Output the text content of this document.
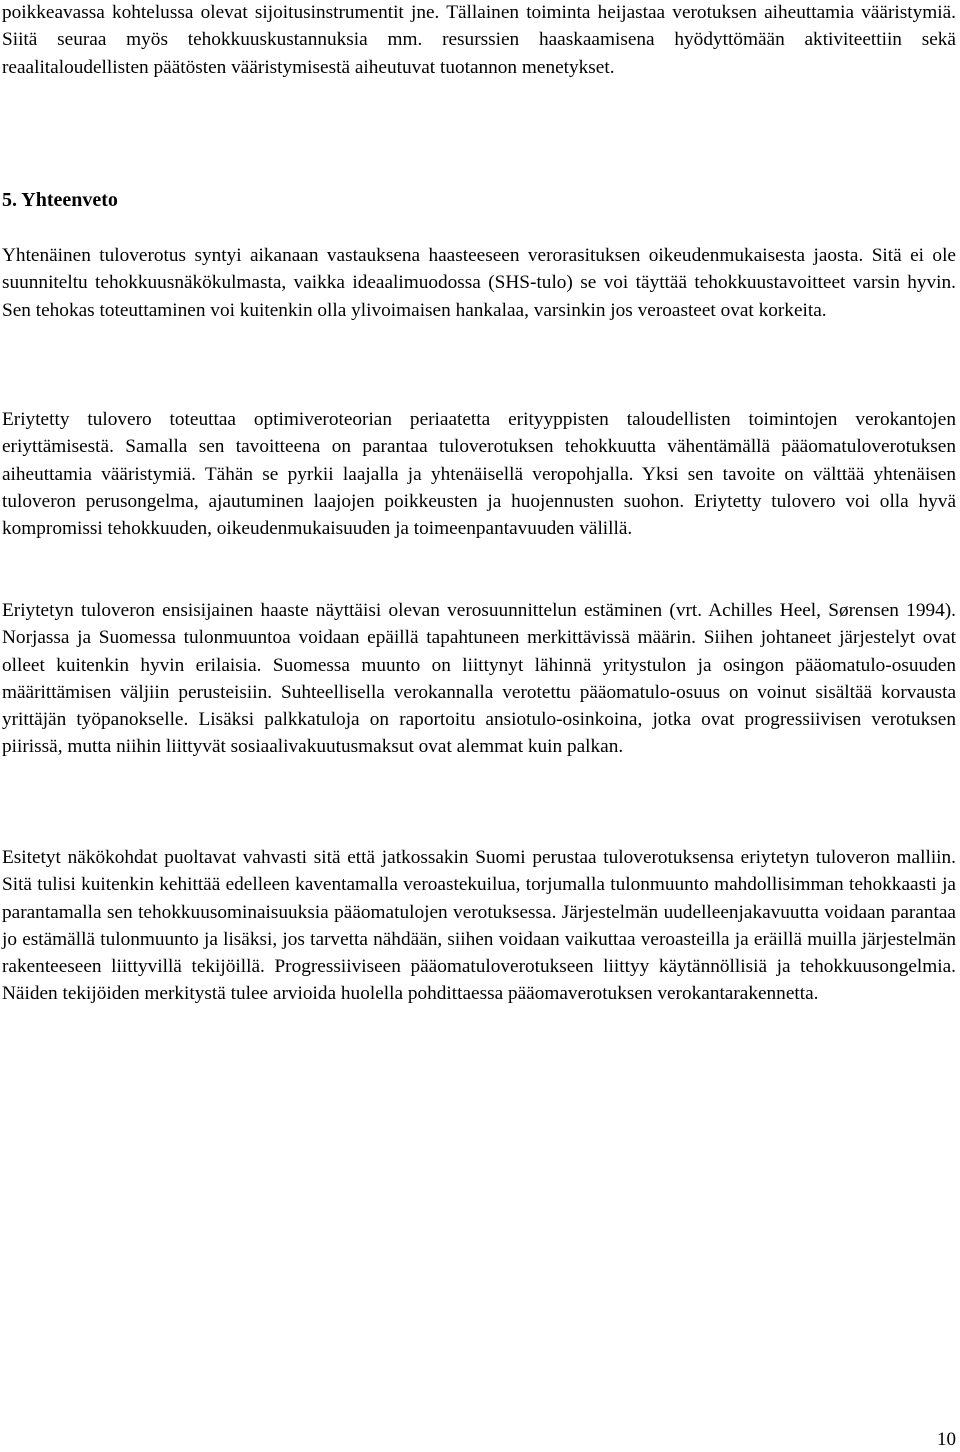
poikkeavassa kohtelussa olevat sijoitusinstrumentit jne. Tällainen toiminta heijastaa verotuksen aiheuttamia vääristymiä. Siitä seuraa myös tehokkuuskustannuksia mm. resurssien haaskaamisena hyödyttömään aktiviteettiin sekä reaalitaloudellisten päätösten vääristymisestä aiheutuvat tuotannon menetykset.

5. Yhteenveto

Yhtenäinen tuloverotus syntyi aikanaan vastauksena haasteeseen verorasituksen oikeudenmukaisesta jaosta. Sitä ei ole suunniteltu tehokkuusnäkökulmasta, vaikka ideaalimuodossa (SHS-tulo) se voi täyttää tehokkuustavoitteet varsin hyvin. Sen tehokas toteuttaminen voi kuitenkin olla ylivoimaisen hankalaa, varsinkin jos veroasteet ovat korkeita.

Eriytetty tulovero toteuttaa optimiveroteorian periaatetta erityyppisten taloudellisten toimintojen verokantojen eriyttämisestä. Samalla sen tavoitteena on parantaa tuloverotuksen tehokkuutta vähentämällä pääomatuloverotuksen aiheuttamia vääristymiä. Tähän se pyrkii laajalla ja yhtenäisellä veropohjalla. Yksi sen tavoite on välttää yhtenäisen tuloveron perusongelma, ajautuminen laajojen poikkeusten ja huojennusten suohon. Eriytetty tulovero voi olla hyvä kompromissi tehokkuuden, oikeudenmukaisuuden ja toimeenpantavuuden välillä.

Eriytetyn tuloveron ensisijainen haaste näyttäisi olevan verosuunnittelun estäminen (vrt. Achilles Heel, Sørensen 1994). Norjassa ja Suomessa tulonmuuntoa voidaan epäillä tapahtuneen merkittävissä määrin. Siihen johtaneet järjestelyt ovat olleet kuitenkin hyvin erilaisia. Suomessa muunto on liittynyt lähinnä yritystulon ja osingon pääomatulo-osuuden määrittämisen väljiin perusteisiin. Suhteellisella verokannalla verotettu pääomatulo-osuus on voinut sisältää korvausta yrittäjän työpanokselle. Lisäksi palkkatuloja on raportoitu ansiotulo-osinkoina, jotka ovat progressiivisen verotuksen piirissä, mutta niihin liittyvät sosiaalivakuutusmaksut ovat alemmat kuin palkan.

Esitetyt näkökohdat puoltavat vahvasti sitä että jatkossakin Suomi perustaa tuloverotuksensa eriytetyn tuloveron malliin. Sitä tulisi kuitenkin kehittää edelleen kaventamalla veroastekuilua, torjumalla tulonmuunto mahdollisimman tehokkaasti ja parantamalla sen tehokkuusominaisuuksia pääomatulojen verotuksessa. Järjestelmän uudelleenjakavuutta voidaan parantaa jo estämällä tulonmuunto ja lisäksi, jos tarvetta nähdään, siihen voidaan vaikuttaa veroasteilla ja eräillä muilla järjestelmän rakenteeseen liittyvillä tekijöillä. Progressiiviseen pääomatuloverotukseen liittyy käytännöllisiä ja tehokkuusongelmia. Näiden tekijöiden merkitystä tulee arvioida huolella pohdittaessa pääomaverotuksen verokantarakennetta.

10
